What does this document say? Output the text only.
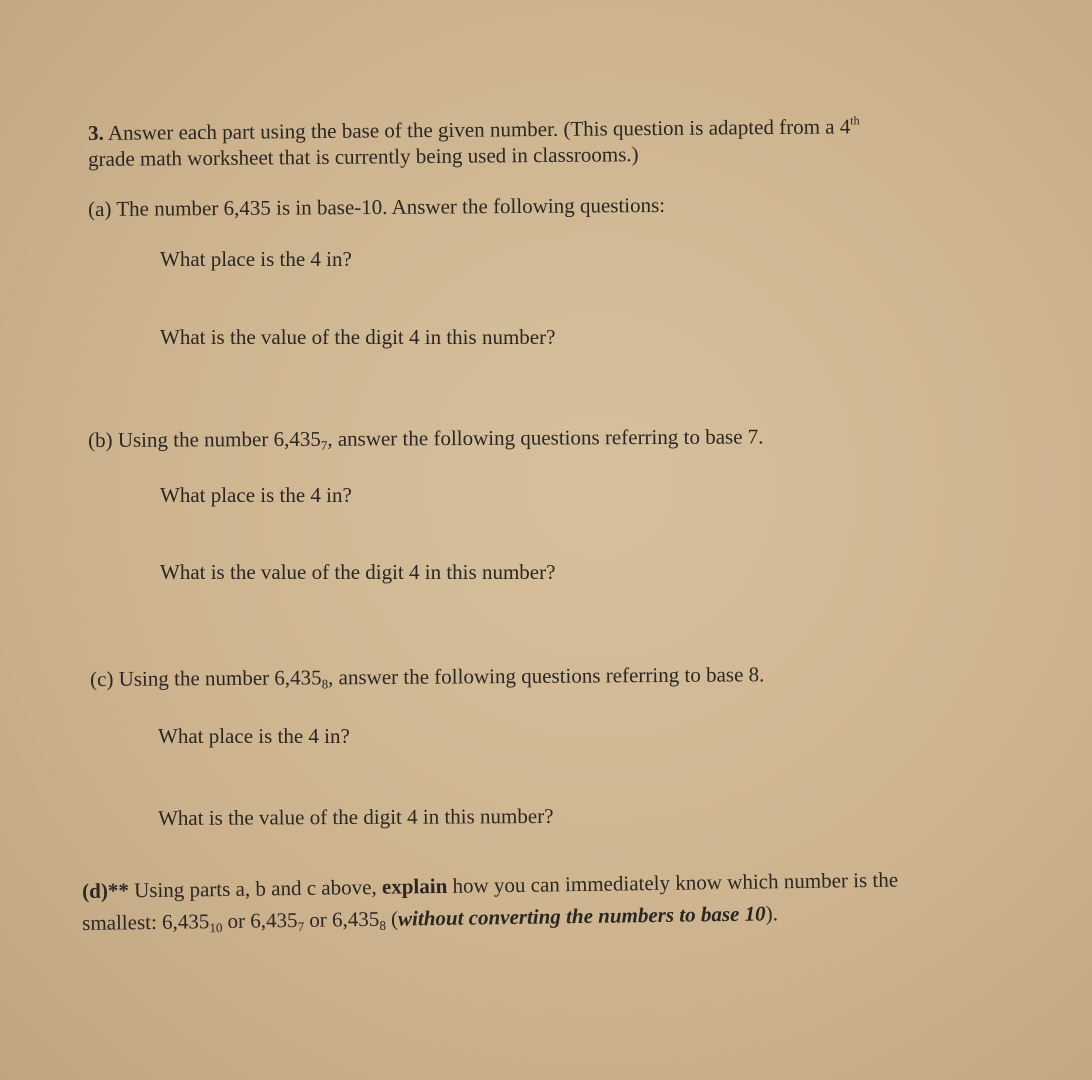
3. Answer each part using the base of the given number. (This question is adapted from a 4th
grade math worksheet that is currently being used in classrooms.)
(a) The number 6,435 is in base-10. Answer the following questions:
What place is the 4 in?
What is the value of the digit 4 in this number?
(b) Using the number $6,435_7$, answer the following questions referring to base 7.
What place is the 4 in?
What is the value of the digit 4 in this number?
(c) Using the number $6,435_8$, answer the following questions referring to base 8.
What place is the 4 in?
What is the value of the digit 4 in this number?
(d)** Using parts a, b and c above, explain how you can immediately know which number is the
smallest: $6,435_{10}$ or $6,435_7$ or $6,435_8$ (without converting the numbers to base 10).
